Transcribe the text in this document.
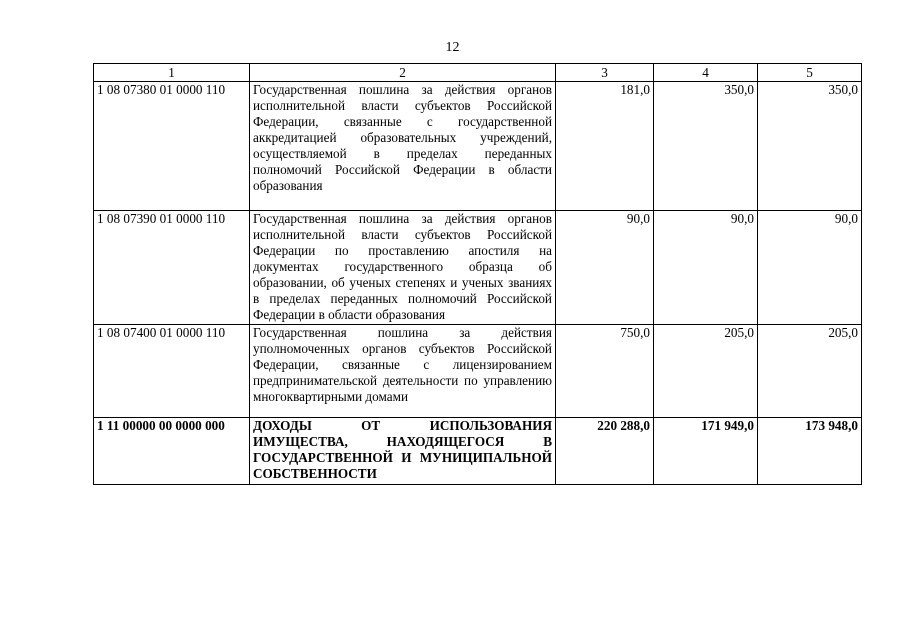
12
1	2	3	4	5
1 08 07380 01 0000 110	Государственная пошлина за действия органов исполнительной власти субъектов Российской Федерации, связанные с государственной аккредитацией образовательных учреждений, осуществляемой в пределах переданных полномочий Российской Федерации в области образования	181,0	350,0	350,0
1 08 07390 01 0000 110	Государственная пошлина за действия органов исполнительной власти субъектов Российской Федерации по проставлению апостиля на документах государственного образца об образовании, об ученых степенях и ученых званиях в пределах переданных полномочий Российской Федерации в области образования	90,0	90,0	90,0
1 08 07400 01 0000 110	Государственная пошлина за действия уполномоченных органов субъектов Российской Федерации, связанные с лицензированием предпринимательской деятельности по управлению многоквартирными домами	750,0	205,0	205,0
1 11 00000 00 0000 000	ДОХОДЫ ОТ ИСПОЛЬЗОВАНИЯ ИМУЩЕСТВА, НАХОДЯЩЕГОСЯ В ГОСУДАРСТВЕННОЙ И МУНИЦИПАЛЬНОЙ СОБСТВЕННОСТИ	220 288,0	171 949,0	173 948,0
